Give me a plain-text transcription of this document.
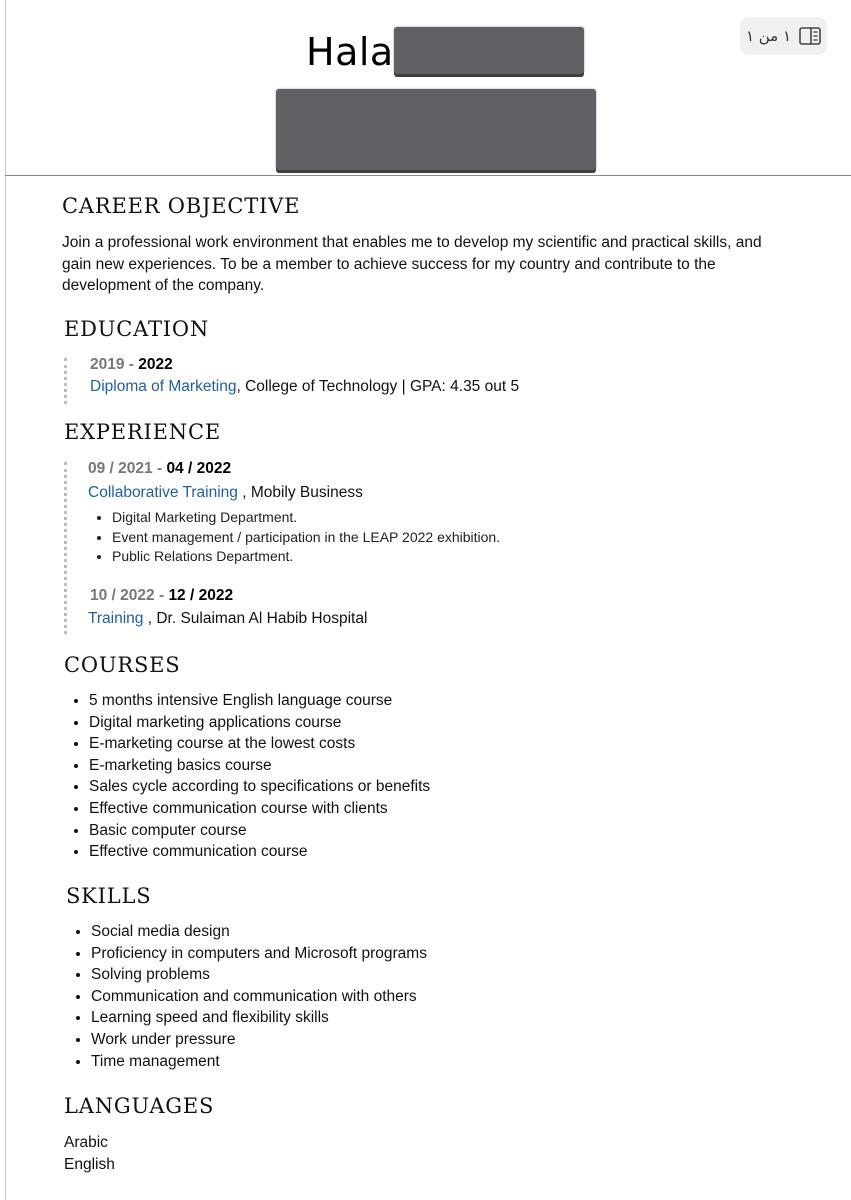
Hala	١ من ١
CAREER OBJECTIVE
Join a professional work environment that enables me to develop my scientific and practical skills, and gain new experiences. To be a member to achieve success for my country and contribute to the development of the company.
EDUCATION
2019 - 2022
Diploma of Marketing, College of Technology | GPA: 4.35 out 5
EXPERIENCE
09 / 2021 - 04 / 2022
Collaborative Training , Mobily Business
• Digital Marketing Department.
• Event management / participation in the LEAP 2022 exhibition.
• Public Relations Department.
10 / 2022 - 12 / 2022
Training , Dr. Sulaiman Al Habib Hospital
COURSES
• 5 months intensive English language course
• Digital marketing applications course
• E-marketing course at the lowest costs
• E-marketing basics course
• Sales cycle according to specifications or benefits
• Effective communication course with clients
• Basic computer course
• Effective communication course
SKILLS
• Social media design
• Proficiency in computers and Microsoft programs
• Solving problems
• Communication and communication with others
• Learning speed and flexibility skills
• Work under pressure
• Time management
LANGUAGES
Arabic
English
